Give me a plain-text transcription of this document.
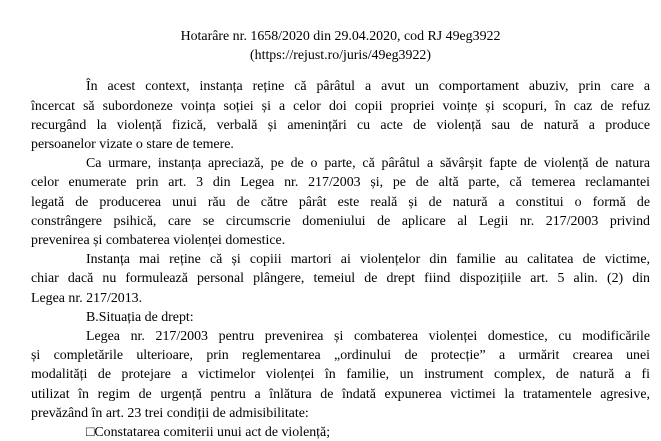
Hotarâre nr. 1658/2020 din 29.04.2020, cod RJ 49eg3922
(https://rejust.ro/juris/49eg3922)

În acest context, instanța reține că pârâtul a avut un comportament abuziv, prin care a
încercat să subordoneze voința soției și a celor doi copii propriei voințe și scopuri, în caz de refuz
recurgând la violență fizică, verbală și amenințări cu acte de violență sau de natură a produce
persoanelor vizate o stare de temere.

Ca urmare, instanța apreciază, pe de o parte, că pârâtul a săvârșit fapte de violență de natura
celor enumerate prin art. 3 din Legea nr. 217/2003 și, pe de altă parte, că temerea reclamantei
legată de producerea unui rău de către pârât este reală și de natură a constitui o formă de
constrângere psihică, care se circumscrie domeniului de aplicare al Legii nr. 217/2003 privind
prevenirea și combaterea violenței domestice.

Instanța mai reține că și copiii martori ai violențelor din familie au calitatea de victime,
chiar dacă nu formulează personal plângere, temeiul de drept fiind dispozițiile art. 5 alin. (2) din
Legea nr. 217/2013.

B.Situația de drept:

Legea nr. 217/2003 pentru prevenirea și combaterea violenței domestice, cu modificările
și completările ulterioare, prin reglementarea „ordinului de protecție” a urmărit crearea unei
modalități de protejare a victimelor violenței în familie, un instrument complex, de natură a fi
utilizat în regim de urgență pentru a înlătura de îndată expunerea victimei la tratamentele agresive,
prevăzând în art. 23 trei condiții de admisibilitate:

□Constatarea comiterii unui act de violență;
